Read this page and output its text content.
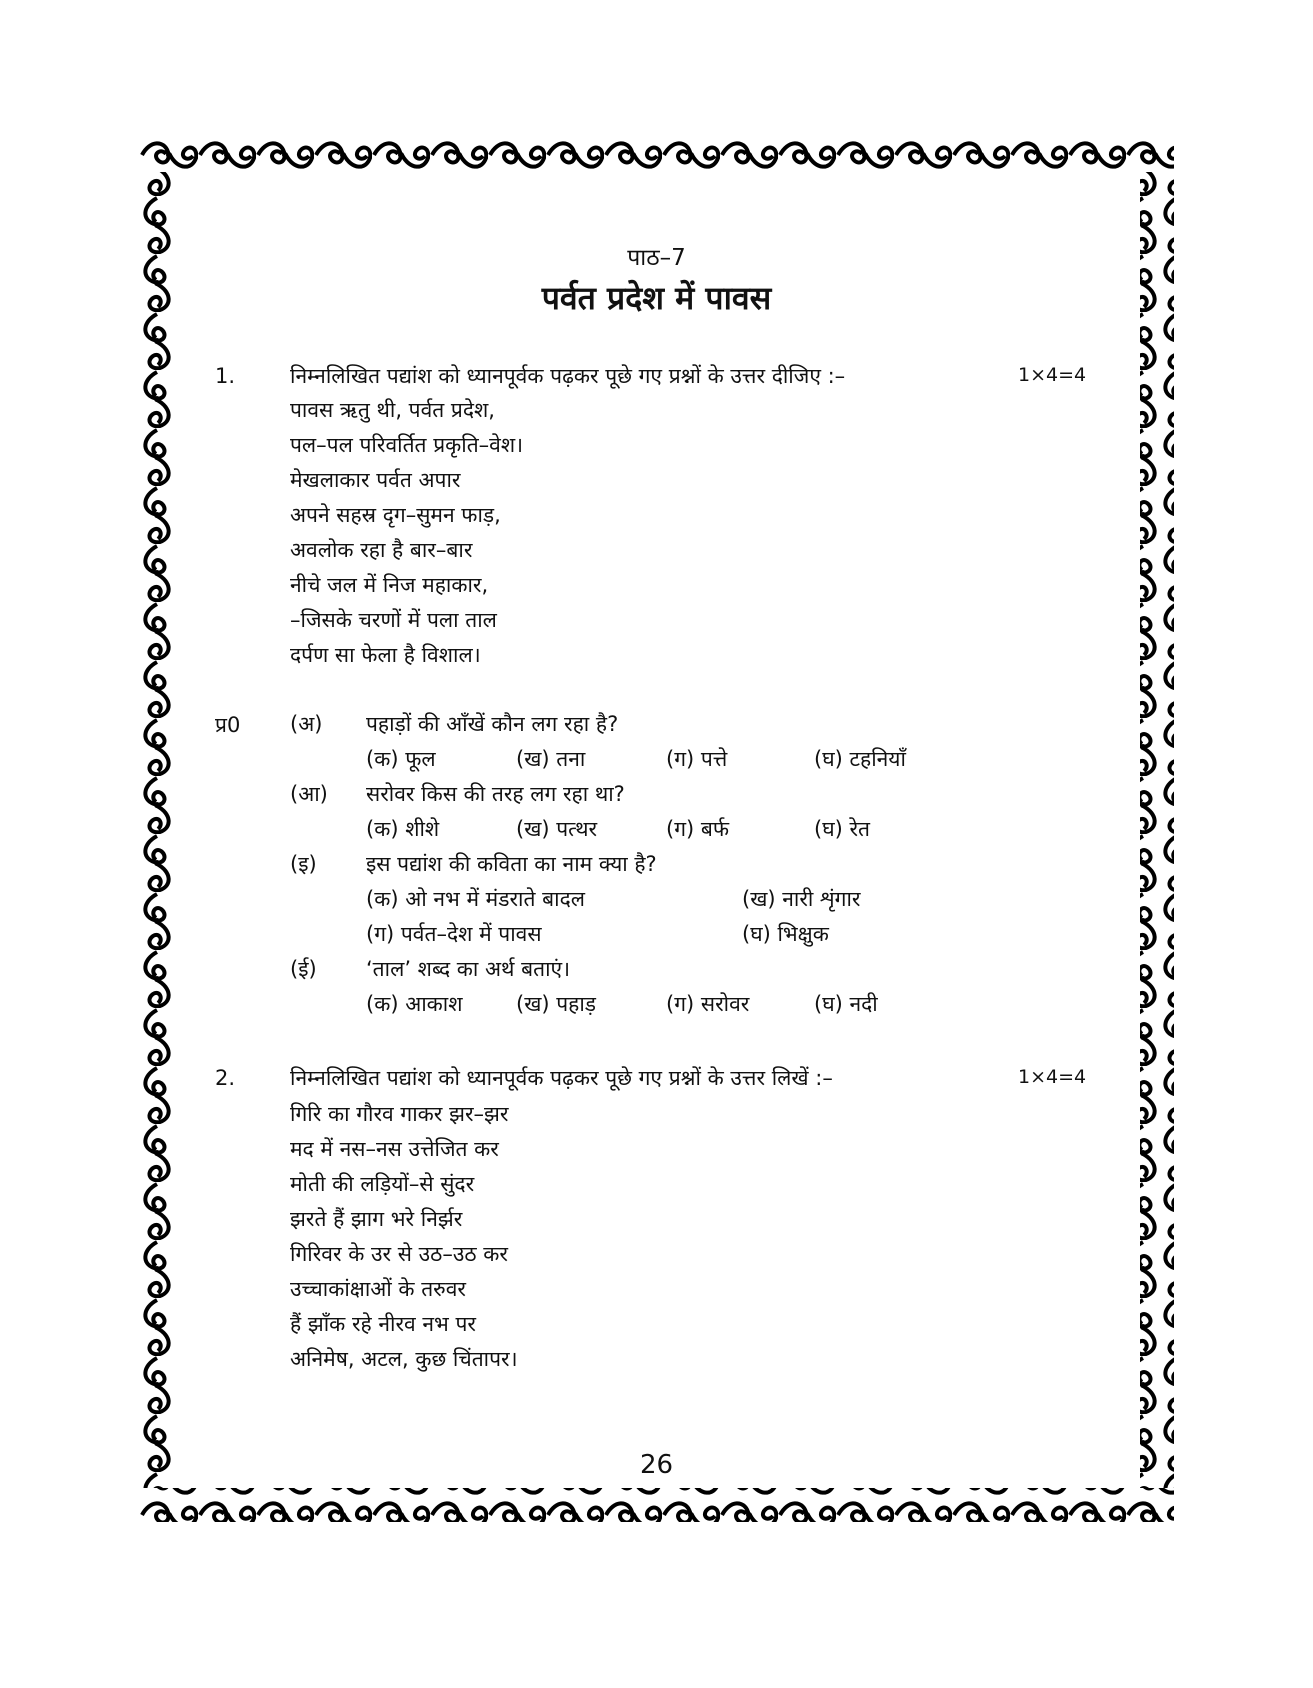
पाठ–7
पर्वत प्रदेश में पावस
1.	निम्नलिखित पद्यांश को ध्यानपूर्वक पढ़कर पूछे गए प्रश्नों के उत्तर दीजिए :–	1×4=4
पावस ऋतु थी, पर्वत प्रदेश,
पल–पल परिवर्तित प्रकृति–वेश।
मेखलाकार पर्वत अपार
अपने सहस्र दृग–सुमन फाड़,
अवलोक रहा है बार–बार
नीचे जल में निज महाकार,
–जिसके चरणों में पला ताल
दर्पण सा फेला है विशाल।
प्र0 (अ) पहाड़ों की आँखें कौन लग रहा है?
(क) फूल	(ख) तना	(ग) पत्ते	(घ) टहनियाँ
(आ) सरोवर किस की तरह लग रहा था?
(क) शीशे	(ख) पत्थर	(ग) बर्फ	(घ) रेत
(इ) इस पद्यांश की कविता का नाम क्या है?
(क) ओ नभ में मंडराते बादल	(ख) नारी शृंगार
(ग) पर्वत–देश में पावस	(घ) भिक्षुक
(ई) ‘ताल’ शब्द का अर्थ बताएं।
(क) आकाश	(ख) पहाड़	(ग) सरोवर	(घ) नदी
2.	निम्नलिखित पद्यांश को ध्यानपूर्वक पढ़कर पूछे गए प्रश्नों के उत्तर लिखें :–	1×4=4
गिरि का गौरव गाकर झर–झर
मद में नस–नस उत्तेजित कर
मोती की लड़ियों–से सुंदर
झरते हैं झाग भरे निर्झर
गिरिवर के उर से उठ–उठ कर
उच्चाकांक्षाओं के तरुवर
हैं झाँक रहे नीरव नभ पर
अनिमेष, अटल, कुछ चिंतापर।
26
